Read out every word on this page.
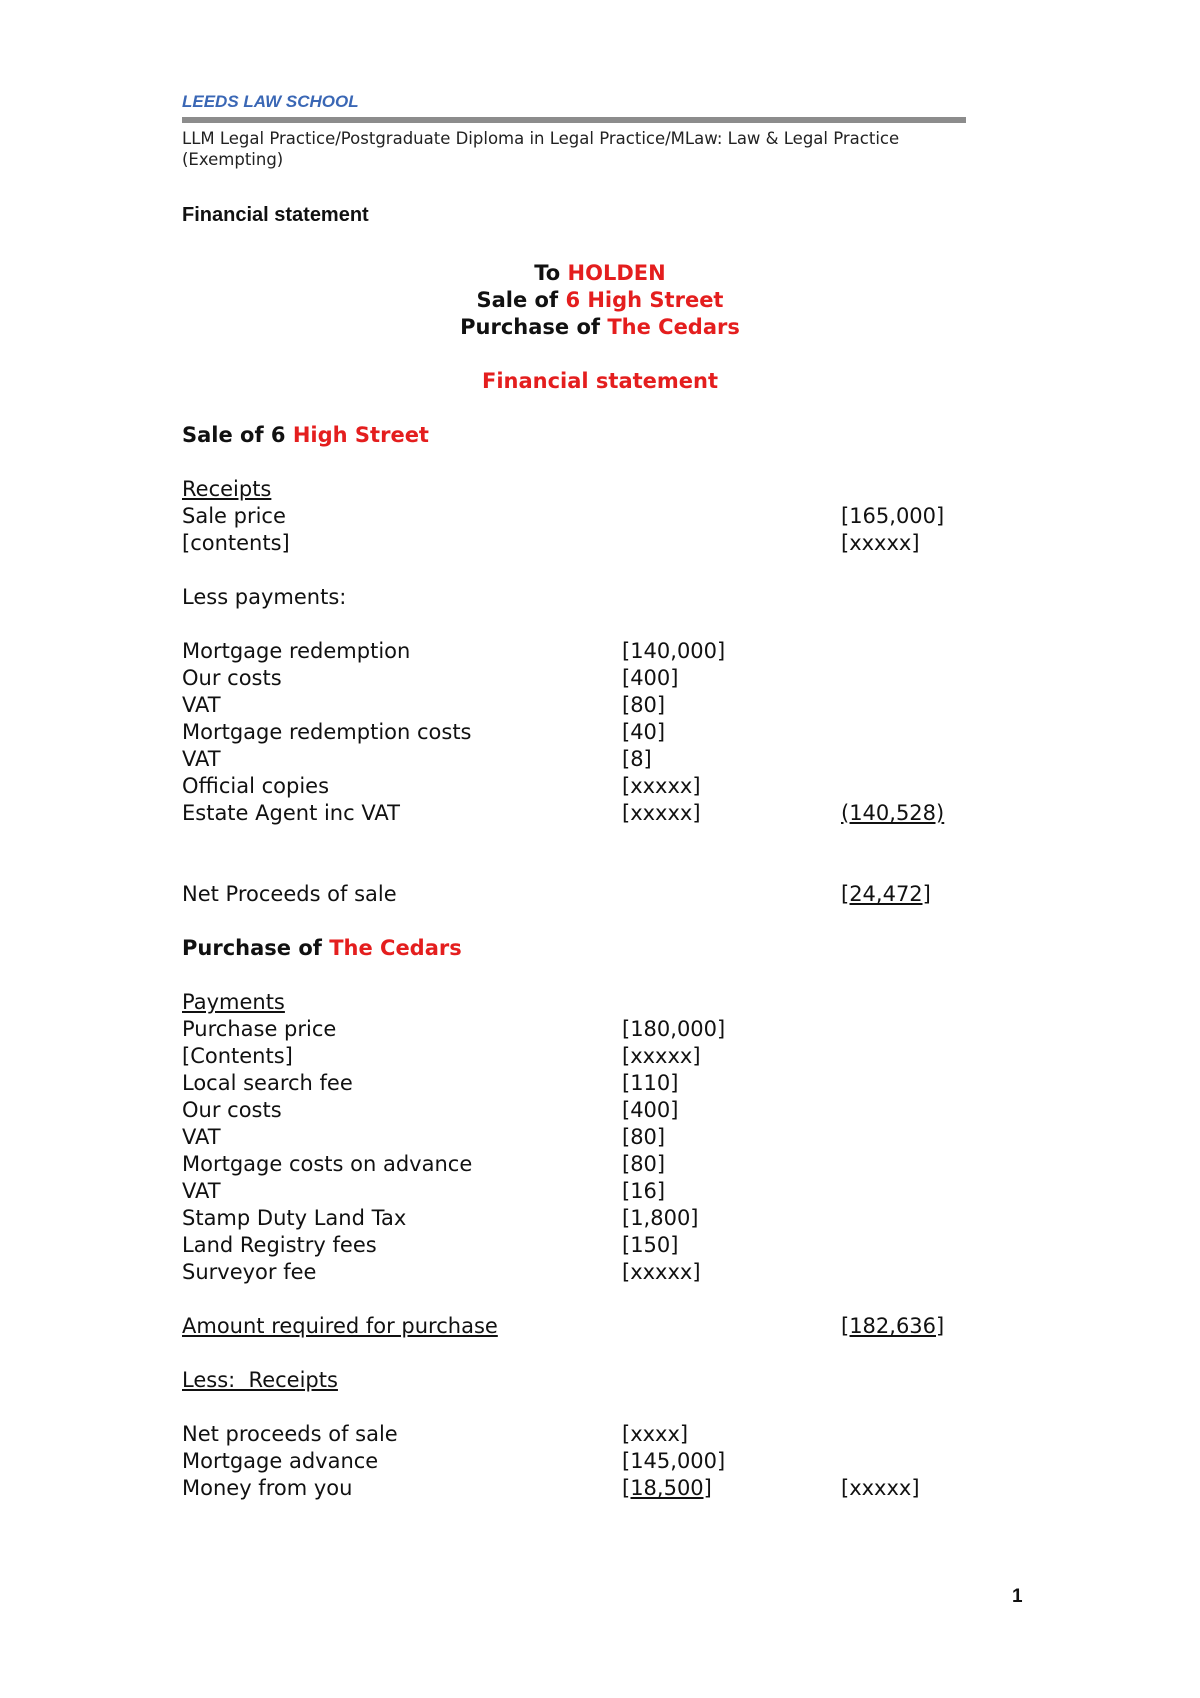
LEEDS LAW SCHOOL
LLM Legal Practice/Postgraduate Diploma in Legal Practice/MLaw: Law & Legal Practice (Exempting)
Financial statement
To HOLDEN
Sale of 6 High Street
Purchase of The Cedars
Financial statement
Sale of 6 High Street
Receipts
Sale price	[165,000]
[contents]	[xxxxx]
Less payments:
Mortgage redemption	[140,000]
Our costs	[400]
VAT	[80]
Mortgage redemption costs	[40]
VAT	[8]
Official copies	[xxxxx]
Estate Agent inc VAT	[xxxxx]	(140,528)
Net Proceeds of sale	[24,472]
Purchase of The Cedars
Payments
Purchase price	[180,000]
[Contents]	[xxxxx]
Local search fee	[110]
Our costs	[400]
VAT	[80]
Mortgage costs on advance	[80]
VAT	[16]
Stamp Duty Land Tax	[1,800]
Land Registry fees	[150]
Surveyor fee	[xxxxx]
Amount required for purchase	[182,636]
Less:  Receipts
Net proceeds of sale	[xxxx]
Mortgage advance	[145,000]
Money from you	[18,500]	[xxxxx]
1
